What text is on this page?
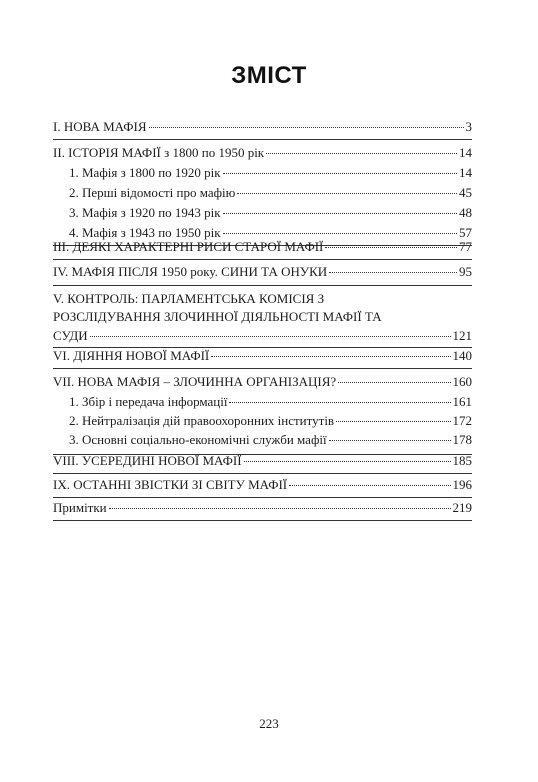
ЗМІСТ
I. НОВА МАФІЯ	3
II. ІСТОРІЯ МАФІЇ з 1800 по 1950 рік	14
1. Мафія з 1800 по 1920 рік	14
2. Перші відомості про мафію	45
3. Мафія з 1920 по 1943 рік	48
4. Мафія з 1943 по 1950 рік	57
III. ДЕЯКІ ХАРАКТЕРНІ РИСИ СТАРОЇ МАФІЇ	77
IV. МАФІЯ ПІСЛЯ 1950 року. СИНИ ТА ОНУКИ	95
V. КОНТРОЛЬ: ПАРЛАМЕНТСЬКА КОМІСІЯ З
РОЗСЛІДУВАННЯ ЗЛОЧИННОЇ ДІЯЛЬНОСТІ МАФІЇ ТА
СУДИ	121
VI. ДІЯННЯ НОВОЇ МАФІЇ	140
VII. НОВА МАФІЯ – ЗЛОЧИННА ОРГАНІЗАЦІЯ?	160
1. Збір і передача інформації	161
2. Нейтралізація дій правоохоронних інститутів	172
3. Основні соціально-економічні служби мафії	178
VIII. УСЕРЕДИНІ НОВОЇ МАФІЇ	185
IX. ОСТАННІ ЗВІСТКИ ЗІ СВІТУ МАФІЇ	196
Примітки	219
223
